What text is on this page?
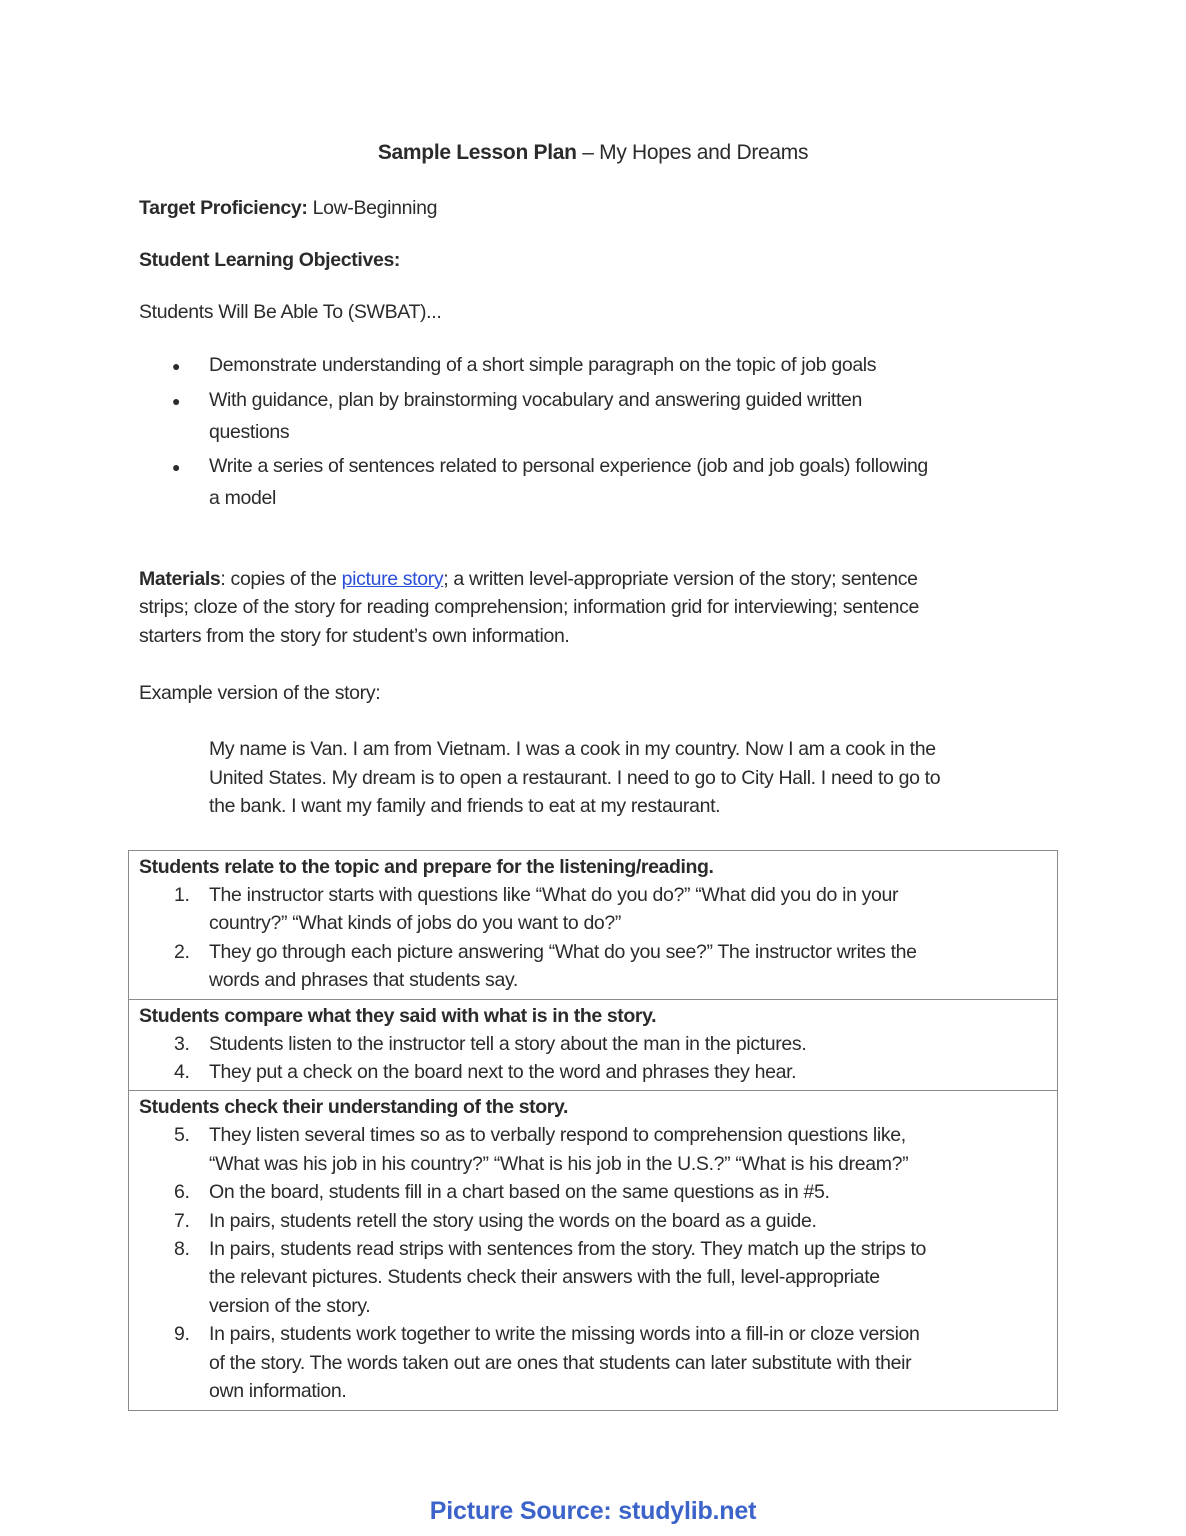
Sample Lesson Plan – My Hopes and Dreams
Target Proficiency: Low-Beginning
Student Learning Objectives:
Students Will Be Able To (SWBAT)...
● Demonstrate understanding of a short simple paragraph on the topic of job goals
● With guidance, plan by brainstorming vocabulary and answering guided written
questions
● Write a series of sentences related to personal experience (job and job goals) following
a model
Materials: copies of the picture story; a written level-appropriate version of the story; sentence
strips; cloze of the story for reading comprehension; information grid for interviewing; sentence
starters from the story for student’s own information.
Example version of the story:
My name is Van. I am from Vietnam. I was a cook in my country. Now I am a cook in the
United States. My dream is to open a restaurant. I need to go to City Hall. I need to go to
the bank. I want my family and friends to eat at my restaurant.
Students relate to the topic and prepare for the listening/reading.
1. The instructor starts with questions like “What do you do?” “What did you do in your
country?” “What kinds of jobs do you want to do?”
2. They go through each picture answering “What do you see?” The instructor writes the
words and phrases that students say.

Students compare what they said with what is in the story.
3. Students listen to the instructor tell a story about the man in the pictures.
4. They put a check on the board next to the word and phrases they hear.

Students check their understanding of the story.
5. They listen several times so as to verbally respond to comprehension questions like,
“What was his job in his country?” “What is his job in the U.S.?” “What is his dream?”
6. On the board, students fill in a chart based on the same questions as in #5.
7. In pairs, students retell the story using the words on the board as a guide.
8. In pairs, students read strips with sentences from the story. They match up the strips to
the relevant pictures. Students check their answers with the full, level-appropriate
version of the story.
9. In pairs, students work together to write the missing words into a fill-in or cloze version
of the story. The words taken out are ones that students can later substitute with their
own information.
Picture Source: studylib.net
